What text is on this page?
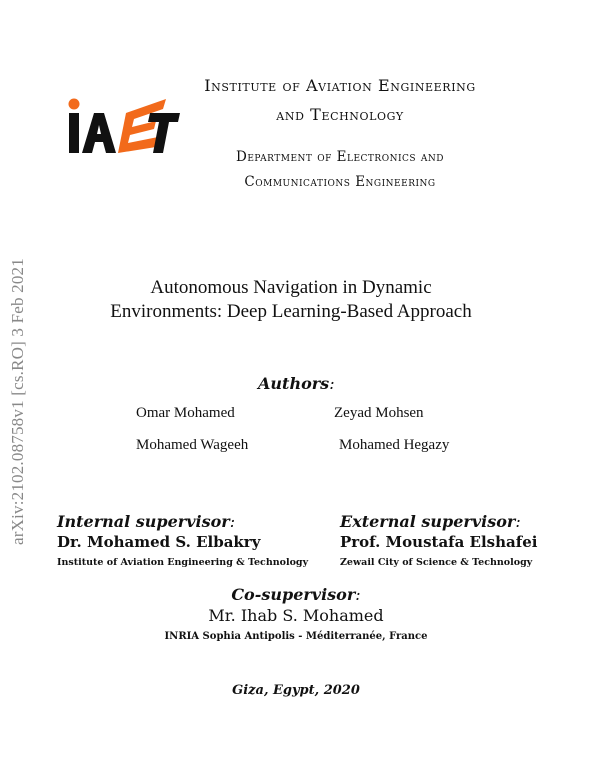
arXiv:2102.08758v1 [cs.RO] 3 Feb 2021
Institute of Aviation Engineering
and Technology
Department of Electronics and
Communications Engineering
Autonomous Navigation in Dynamic
Environments: Deep Learning-Based Approach
Authors:
Omar Mohamed	Zeyad Mohsen
Mohamed Wageeh	Mohamed Hegazy
Internal supervisor:
Dr. Mohamed S. Elbakry
Institute of Aviation Engineering & Technology
External supervisor:
Prof. Moustafa Elshafei
Zewail City of Science & Technology
Co-supervisor:
Mr. Ihab S. Mohamed
INRIA Sophia Antipolis - Méditerranée, France
Giza, Egypt, 2020
